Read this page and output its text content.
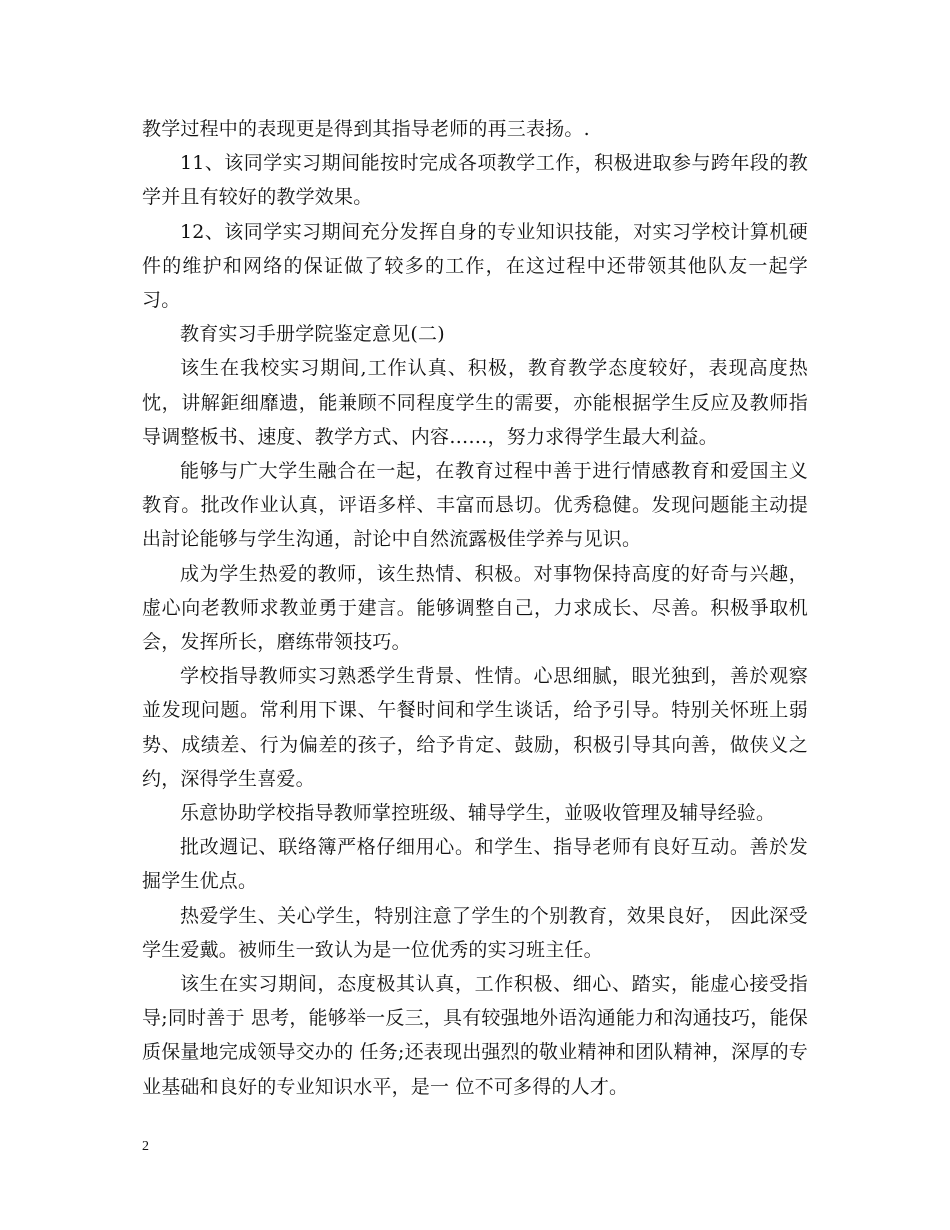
教学过程中的表现更是得到其指导老师的再三表扬。.

11、该同学实习期间能按时完成各项教学工作，积极进取参与跨年段的教学并且有较好的教学效果。

12、该同学实习期间充分发挥自身的专业知识技能，对实习学校计算机硬件的维护和网络的保证做了较多的工作，在这过程中还带领其他队友一起学习。

教育实习手册学院鉴定意见(二)

该生在我校实习期间,工作认真、积极，教育教学态度较好，表现高度热忱，讲解鉅细靡遗，能兼顾不同程度学生的需要，亦能根据学生反应及教师指导调整板书、速度、教学方式、内容……，努力求得学生最大利益。

能够与广大学生融合在一起，在教育过程中善于进行情感教育和爱国主义教育。批改作业认真，评语多样、丰富而恳切。优秀稳健。发现问题能主动提出討论能够与学生沟通，討论中自然流露极佳学养与见识。

成为学生热爱的教师，该生热情、积极。对事物保持高度的好奇与兴趣，虚心向老教师求教並勇于建言。能够调整自己，力求成长、尽善。积极爭取机会，发挥所长，磨练带领技巧。

学校指导教师实习熟悉学生背景、性情。心思细腻，眼光独到，善於观察並发现问题。常利用下课、午餐时间和学生谈话，给予引导。特别关怀班上弱势、成绩差、行为偏差的孩子，给予肯定、鼓励，积极引导其向善，做侠义之约，深得学生喜爱。

乐意协助学校指导教师掌控班级、辅导学生，並吸收管理及辅导经验。

批改週记、联络簿严格仔细用心。和学生、指导老师有良好互动。善於发掘学生优点。

热爱学生、关心学生，特别注意了学生的个别教育，效果良好， 因此深受学生爱戴。被师生一致认为是一位优秀的实习班主任。

该生在实习期间，态度极其认真，工作积极、细心、踏实，能虚心接受指导;同时善于 思考，能够举一反三，具有较强地外语沟通能力和沟通技巧，能保质保量地完成领导交办的 任务;还表现出强烈的敬业精神和团队精神，深厚的专业基础和良好的专业知识水平，是一 位不可多得的人才。

2
